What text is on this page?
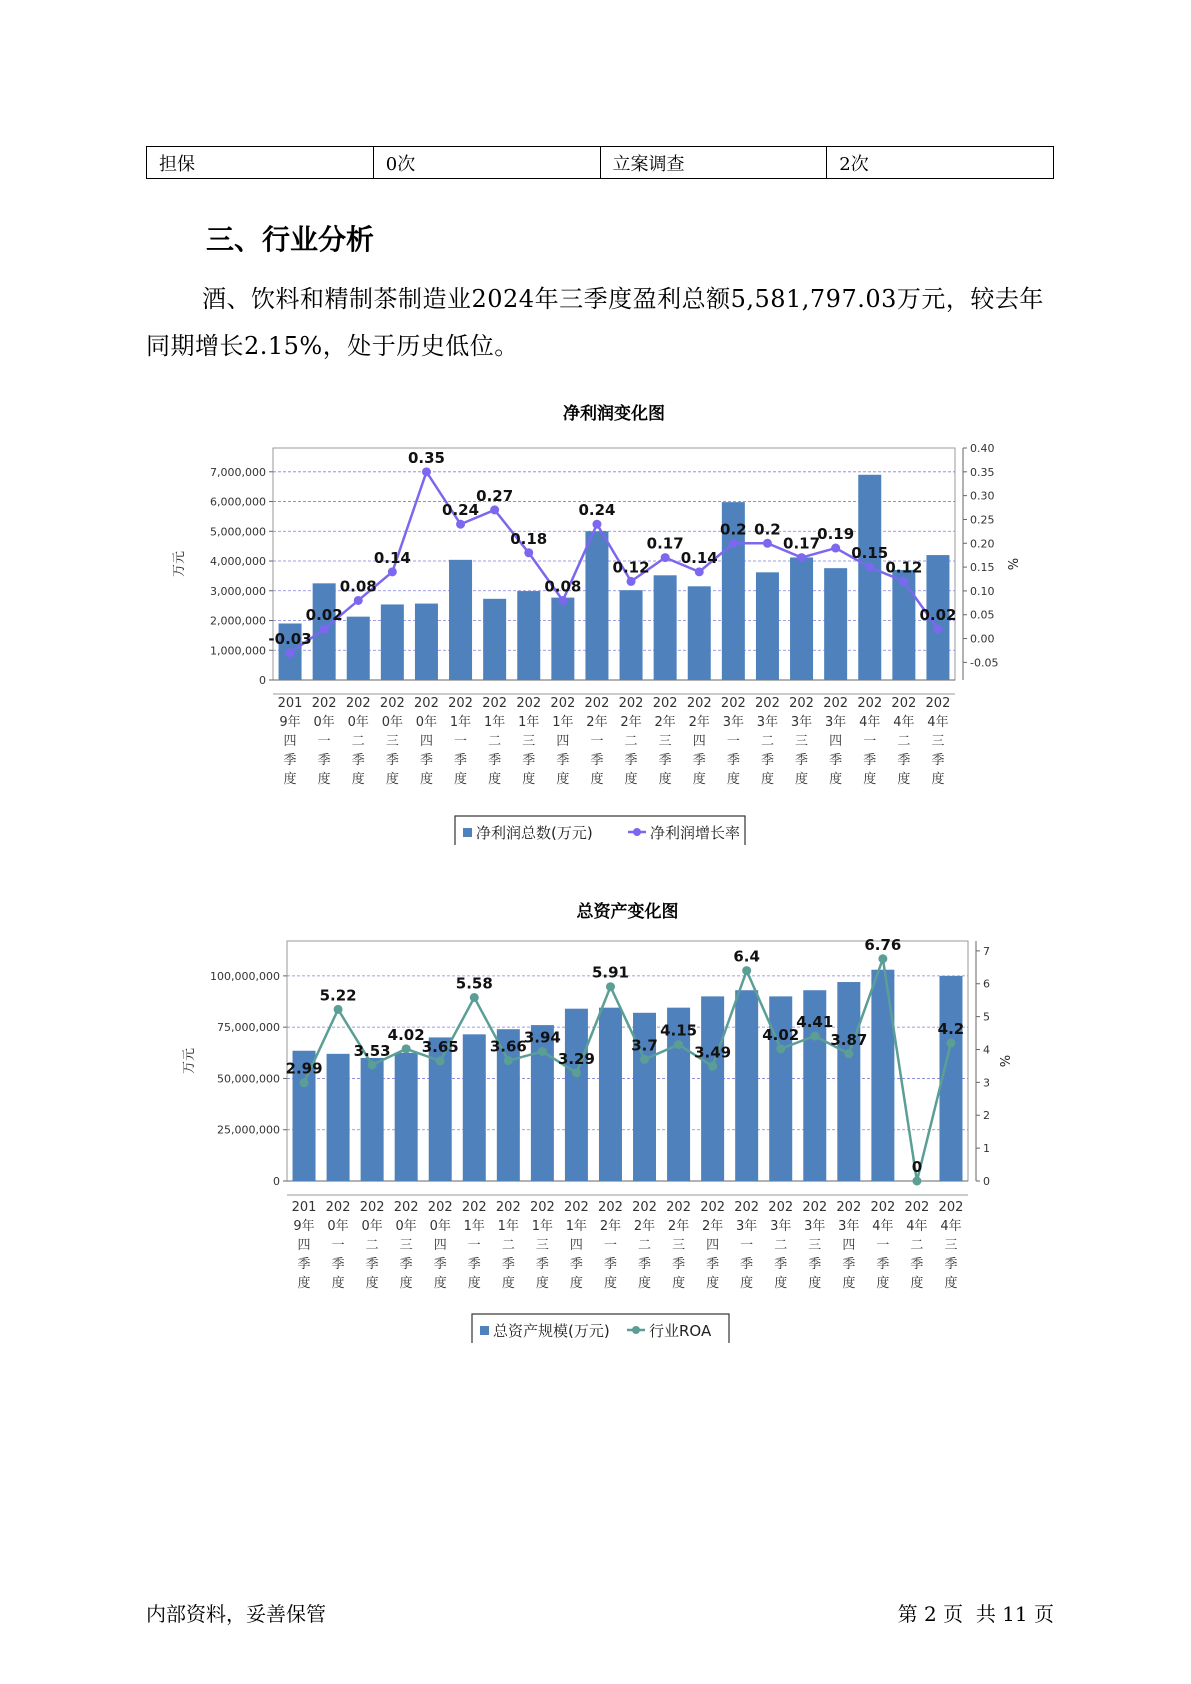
担保	0次	立案调查	2次
三、行业分析

酒、饮料和精制茶制造业2024年三季度盈利总额5,581,797.03万元，较去年同期增长2.15%，处于历史低位。

净利润变化图
0
1,000,000
2,000,000
3,000,000
4,000,000
5,000,000
6,000,000
7,000,000
-0.05
0.00
0.05
0.10
0.15
0.20
0.25
0.30
0.35
0.40
万元	%
-0.03
0.02
0.08
0.14
0.35
0.24
0.27
0.18
0.08
0.24
0.12
0.17
0.14
0.2 0.2
0.17
0.19
0.15
0.12
0.02
201 9年四季度
202 0年一季度
202 0年二季度
202 0年三季度
202 0年四季度
202 1年一季度
202 1年二季度
202 1年三季度
202 1年四季度
202 2年一季度
202 2年二季度
202 2年三季度
202 2年四季度
202 3年一季度
202 3年二季度
202 3年三季度
202 3年四季度
202 4年一季度
202 4年二季度
202 4年三季度
净利润总数(万元)	净利润增长率
总资产变化图
0
25,000,000
50,000,000
75,000,000
100,000,000
0
1
2
3
4
5
6
7
万元	%
2.99
5.22
3.53
4.02
3.65
5.58
3.66
3.94
3.29
5.91
3.7
4.15
3.49
6.4
4.02
4.41
3.87
6.76
0
4.2
201 9年四季度
202 0年一季度
202 0年二季度
202 0年三季度
202 0年四季度
202 1年一季度
202 1年二季度
202 1年三季度
202 1年四季度
202 2年一季度
202 2年二季度
202 2年三季度
202 2年四季度
202 3年一季度
202 3年二季度
202 3年三季度
202 3年四季度
202 4年一季度
202 4年二季度
202 4年三季度
总资产规模(万元)	行业ROA
内部资料，妥善保管	第 2 页  共 11 页
